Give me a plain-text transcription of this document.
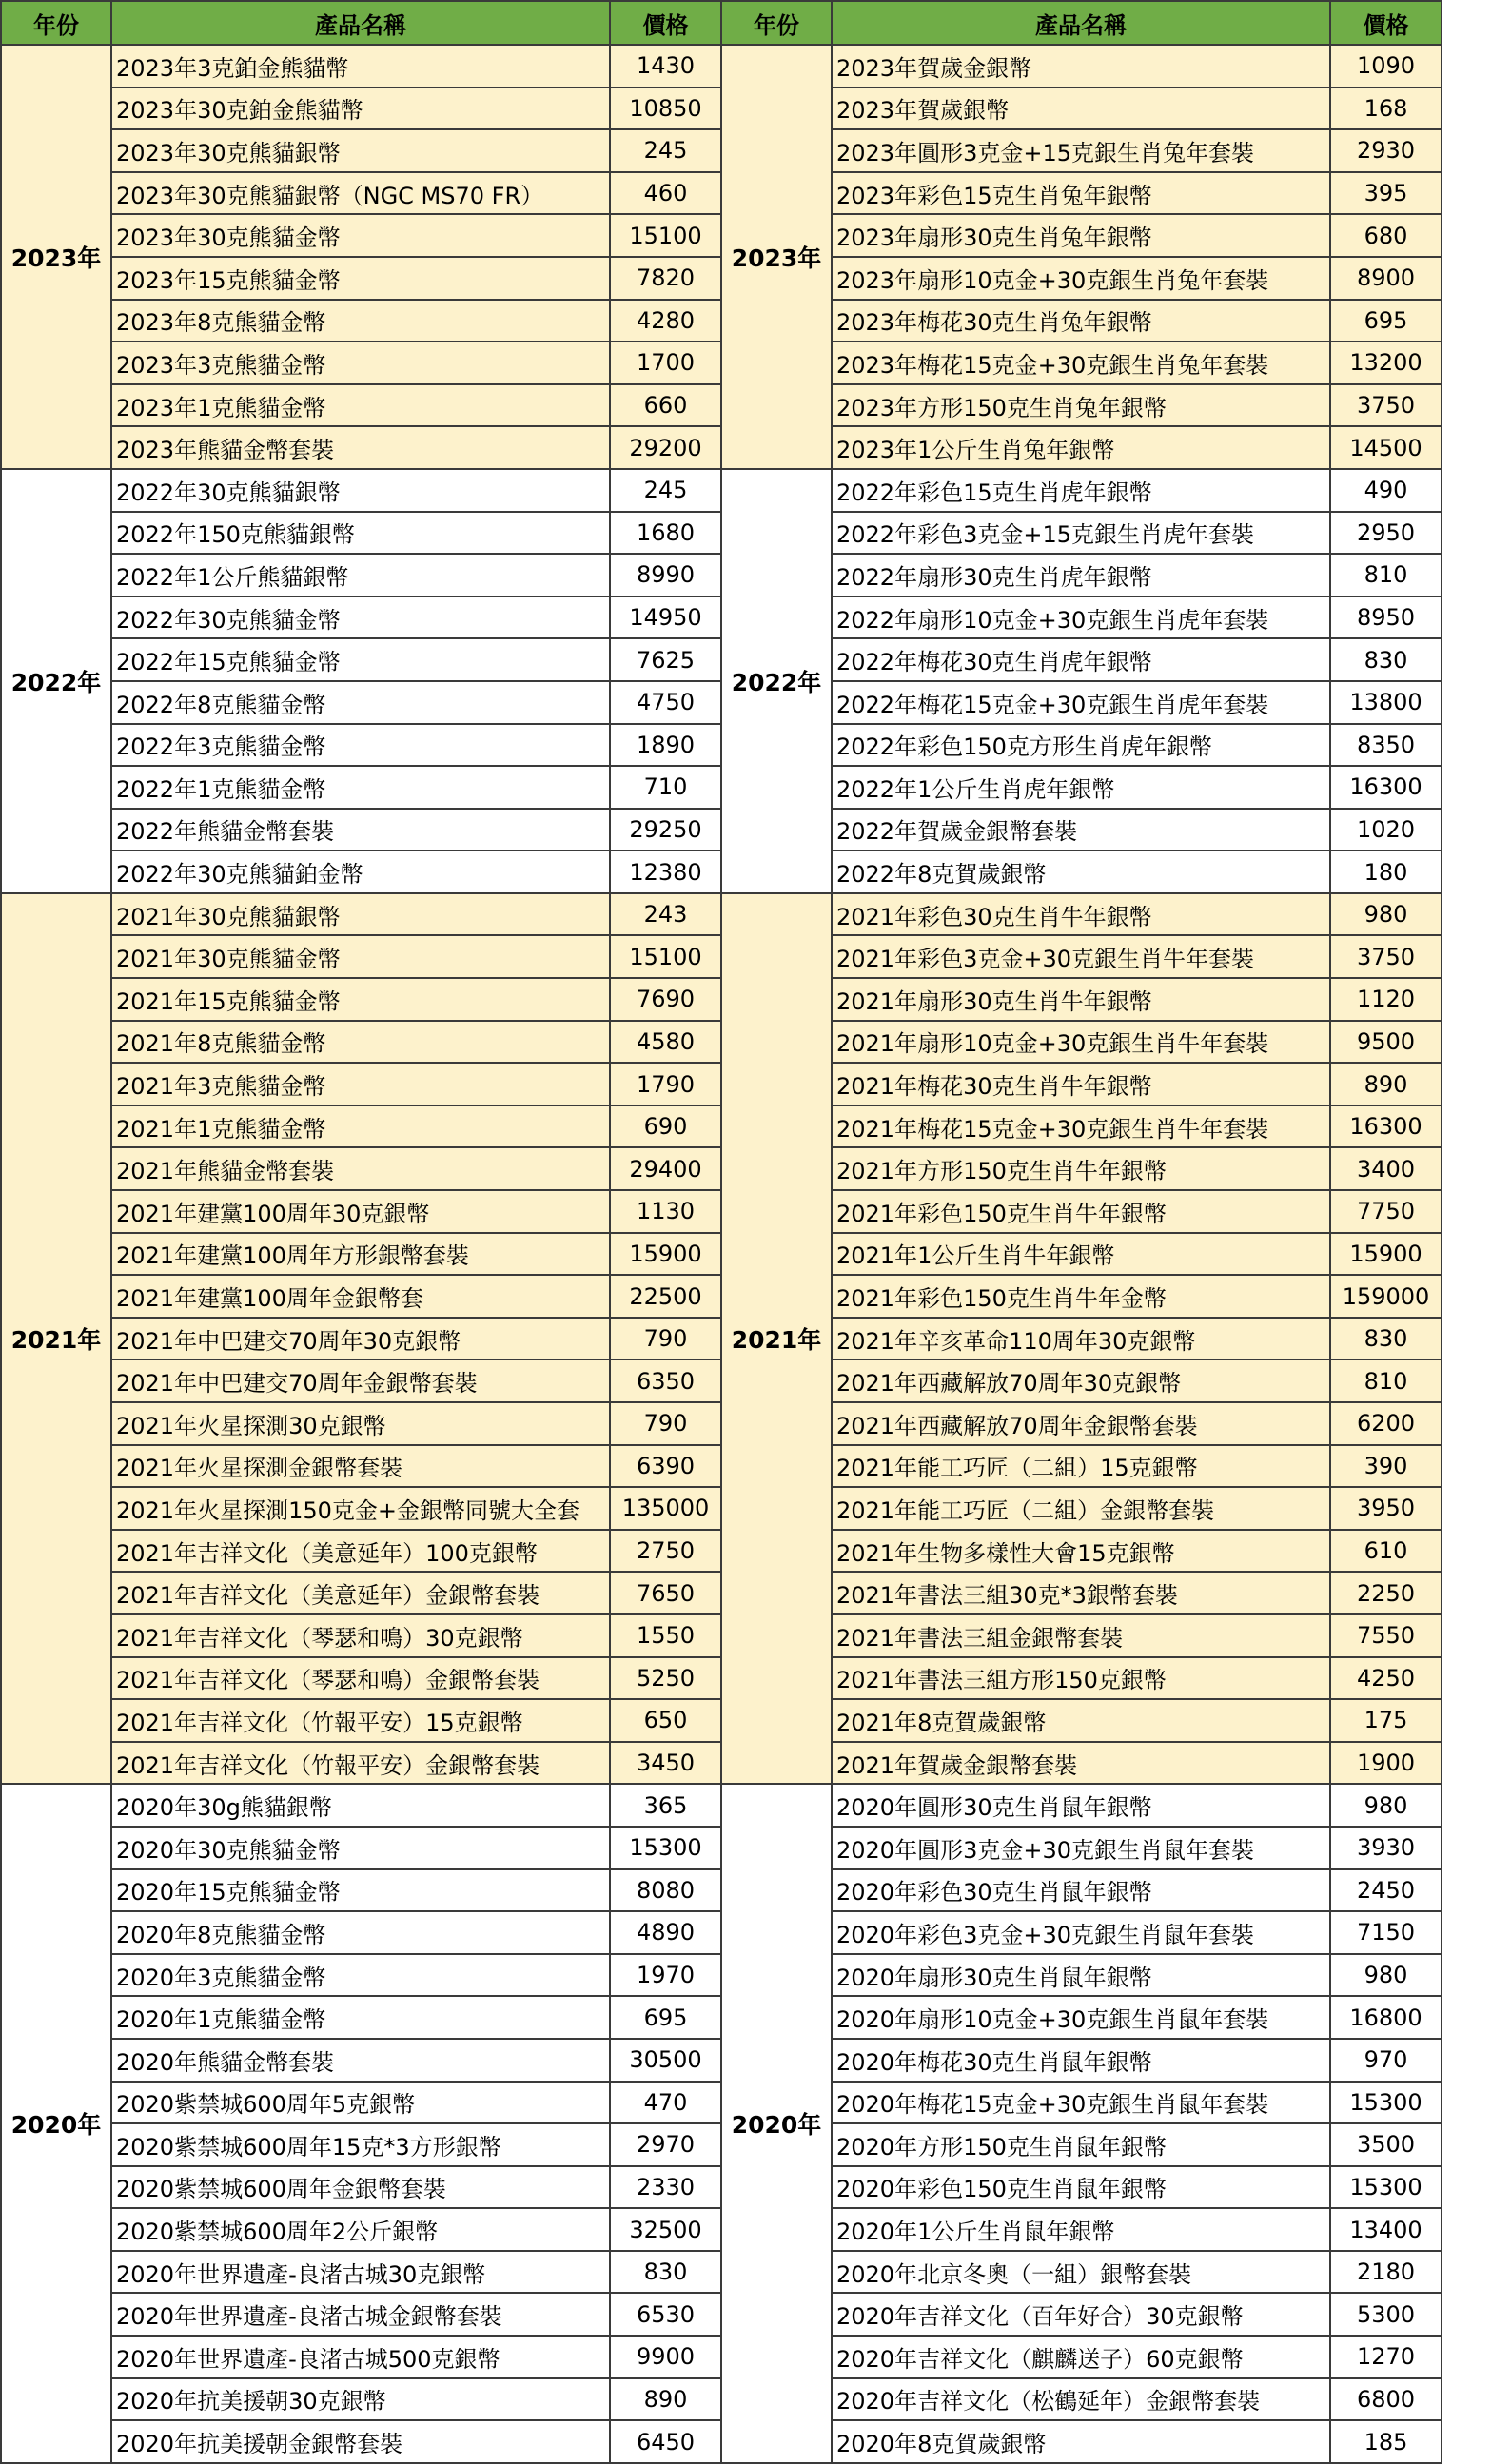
年份	產品名稱	價格	年份	產品名稱	價格
2023年	2023年3克鉑金熊貓幣	1430	2023年	2023年賀歲金銀幣	1090
	2023年30克鉑金熊貓幣	10850		2023年賀歲銀幣	168
	2023年30克熊貓銀幣	245		2023年圓形3克金+15克銀生肖兔年套裝	2930
	2023年30克熊貓銀幣（NGC MS70 FR）	460		2023年彩色15克生肖兔年銀幣	395
	2023年30克熊貓金幣	15100		2023年扇形30克生肖兔年銀幣	680
	2023年15克熊貓金幣	7820		2023年扇形10克金+30克銀生肖兔年套裝	8900
	2023年8克熊貓金幣	4280		2023年梅花30克生肖兔年銀幣	695
	2023年3克熊貓金幣	1700		2023年梅花15克金+30克銀生肖兔年套裝	13200
	2023年1克熊貓金幣	660		2023年方形150克生肖兔年銀幣	3750
	2023年熊貓金幣套裝	29200		2023年1公斤生肖兔年銀幣	14500
2022年	2022年30克熊貓銀幣	245	2022年	2022年彩色15克生肖虎年銀幣	490
	2022年150克熊貓銀幣	1680		2022年彩色3克金+15克銀生肖虎年套裝	2950
	2022年1公斤熊貓銀幣	8990		2022年扇形30克生肖虎年銀幣	810
	2022年30克熊貓金幣	14950		2022年扇形10克金+30克銀生肖虎年套裝	8950
	2022年15克熊貓金幣	7625		2022年梅花30克生肖虎年銀幣	830
	2022年8克熊貓金幣	4750		2022年梅花15克金+30克銀生肖虎年套裝	13800
	2022年3克熊貓金幣	1890		2022年彩色150克方形生肖虎年銀幣	8350
	2022年1克熊貓金幣	710		2022年1公斤生肖虎年銀幣	16300
	2022年熊貓金幣套裝	29250		2022年賀歲金銀幣套裝	1020
	2022年30克熊貓鉑金幣	12380		2022年8克賀歲銀幣	180
2021年	2021年30克熊貓銀幣	243	2021年	2021年彩色30克生肖牛年銀幣	980
	2021年30克熊貓金幣	15100		2021年彩色3克金+30克銀生肖牛年套裝	3750
	2021年15克熊貓金幣	7690		2021年扇形30克生肖牛年銀幣	1120
	2021年8克熊貓金幣	4580		2021年扇形10克金+30克銀生肖牛年套裝	9500
	2021年3克熊貓金幣	1790		2021年梅花30克生肖牛年銀幣	890
	2021年1克熊貓金幣	690		2021年梅花15克金+30克銀生肖牛年套裝	16300
	2021年熊貓金幣套裝	29400		2021年方形150克生肖牛年銀幣	3400
	2021年建黨100周年30克銀幣	1130		2021年彩色150克生肖牛年銀幣	7750
	2021年建黨100周年方形銀幣套裝	15900		2021年1公斤生肖牛年銀幣	15900
	2021年建黨100周年金銀幣套	22500		2021年彩色150克生肖牛年金幣	159000
	2021年中巴建交70周年30克銀幣	790		2021年辛亥革命110周年30克銀幣	830
	2021年中巴建交70周年金銀幣套裝	6350		2021年西藏解放70周年30克銀幣	810
	2021年火星探測30克銀幣	790		2021年西藏解放70周年金銀幣套裝	6200
	2021年火星探測金銀幣套裝	6390		2021年能工巧匠（二組）15克銀幣	390
	2021年火星探測150克金+金銀幣同號大全套	135000		2021年能工巧匠（二組）金銀幣套裝	3950
	2021年吉祥文化（美意延年）100克銀幣	2750		2021年生物多樣性大會15克銀幣	610
	2021年吉祥文化（美意延年）金銀幣套裝	7650		2021年書法三組30克*3銀幣套裝	2250
	2021年吉祥文化（琴瑟和鳴）30克銀幣	1550		2021年書法三組金銀幣套裝	7550
	2021年吉祥文化（琴瑟和鳴）金銀幣套裝	5250		2021年書法三組方形150克銀幣	4250
	2021年吉祥文化（竹報平安）15克銀幣	650		2021年8克賀歲銀幣	175
	2021年吉祥文化（竹報平安）金銀幣套裝	3450		2021年賀歲金銀幣套裝	1900
2020年	2020年30g熊貓銀幣	365	2020年	2020年圓形30克生肖鼠年銀幣	980
	2020年30克熊貓金幣	15300		2020年圓形3克金+30克銀生肖鼠年套裝	3930
	2020年15克熊貓金幣	8080		2020年彩色30克生肖鼠年銀幣	2450
	2020年8克熊貓金幣	4890		2020年彩色3克金+30克銀生肖鼠年套裝	7150
	2020年3克熊貓金幣	1970		2020年扇形30克生肖鼠年銀幣	980
	2020年1克熊貓金幣	695		2020年扇形10克金+30克銀生肖鼠年套裝	16800
	2020年熊貓金幣套裝	30500		2020年梅花30克生肖鼠年銀幣	970
	2020紫禁城600周年5克銀幣	470		2020年梅花15克金+30克銀生肖鼠年套裝	15300
	2020紫禁城600周年15克*3方形銀幣	2970		2020年方形150克生肖鼠年銀幣	3500
	2020紫禁城600周年金銀幣套裝	2330		2020年彩色150克生肖鼠年銀幣	15300
	2020紫禁城600周年2公斤銀幣	32500		2020年1公斤生肖鼠年銀幣	13400
	2020年世界遺產-良渚古城30克銀幣	830		2020年北京冬奧（一組）銀幣套裝	2180
	2020年世界遺產-良渚古城金銀幣套裝	6530		2020年吉祥文化（百年好合）30克銀幣	5300
	2020年世界遺產-良渚古城500克銀幣	9900		2020年吉祥文化（麒麟送子）60克銀幣	1270
	2020年抗美援朝30克銀幣	890		2020年吉祥文化（松鶴延年）金銀幣套裝	6800
	2020年抗美援朝金銀幣套裝	6450		2020年8克賀歲銀幣	185
